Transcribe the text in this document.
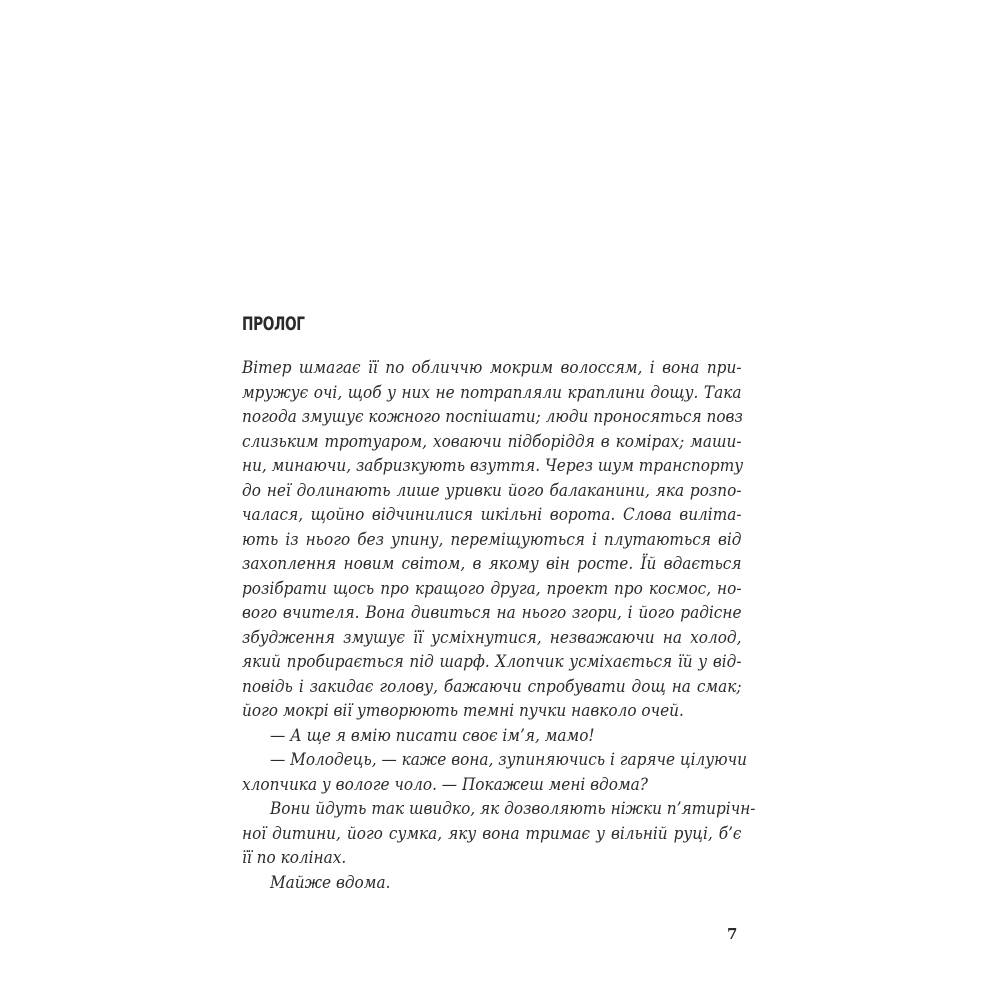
ПРОЛОГ
Вітер шмагає її по обличчю мокрим волоссям, і вона при-
мружує очі, щоб у них не потрапляли краплини дощу. Така
погода змушує кожного поспішати; люди проносяться повз
слизьким тротуаром, ховаючи підборіддя в комірах; маши-
ни, минаючи, забризкують взуття. Через шум транспорту
до неї долинають лише уривки його балаканини, яка розпо-
чалася, щойно відчинилися шкільні ворота. Слова виліта-
ють із нього без упину, переміщуються і плутаються від
захоплення новим світом, в якому він росте. Їй вдається
розібрати щось про кращого друга, проект про космос, но-
вого вчителя. Вона дивиться на нього згори, і його радісне
збудження змушує її усміхнутися, незважаючи на холод,
який пробирається під шарф. Хлопчик усміхається їй у від-
повідь і закидає голову, бажаючи спробувати дощ на смак;
його мокрі вії утворюють темні пучки навколо очей.
— А ще я вмію писати своє ім’я, мамо!
— Молодець, — каже вона, зупиняючись і гаряче цілуючи
хлопчика у вологе чоло. — Покажеш мені вдома?
Вони йдуть так швидко, як дозволяють ніжки п’ятирічн-
ної дитини, його сумка, яку вона тримає у вільній руці, б’є
її по колінах.
Майже вдома.
7
